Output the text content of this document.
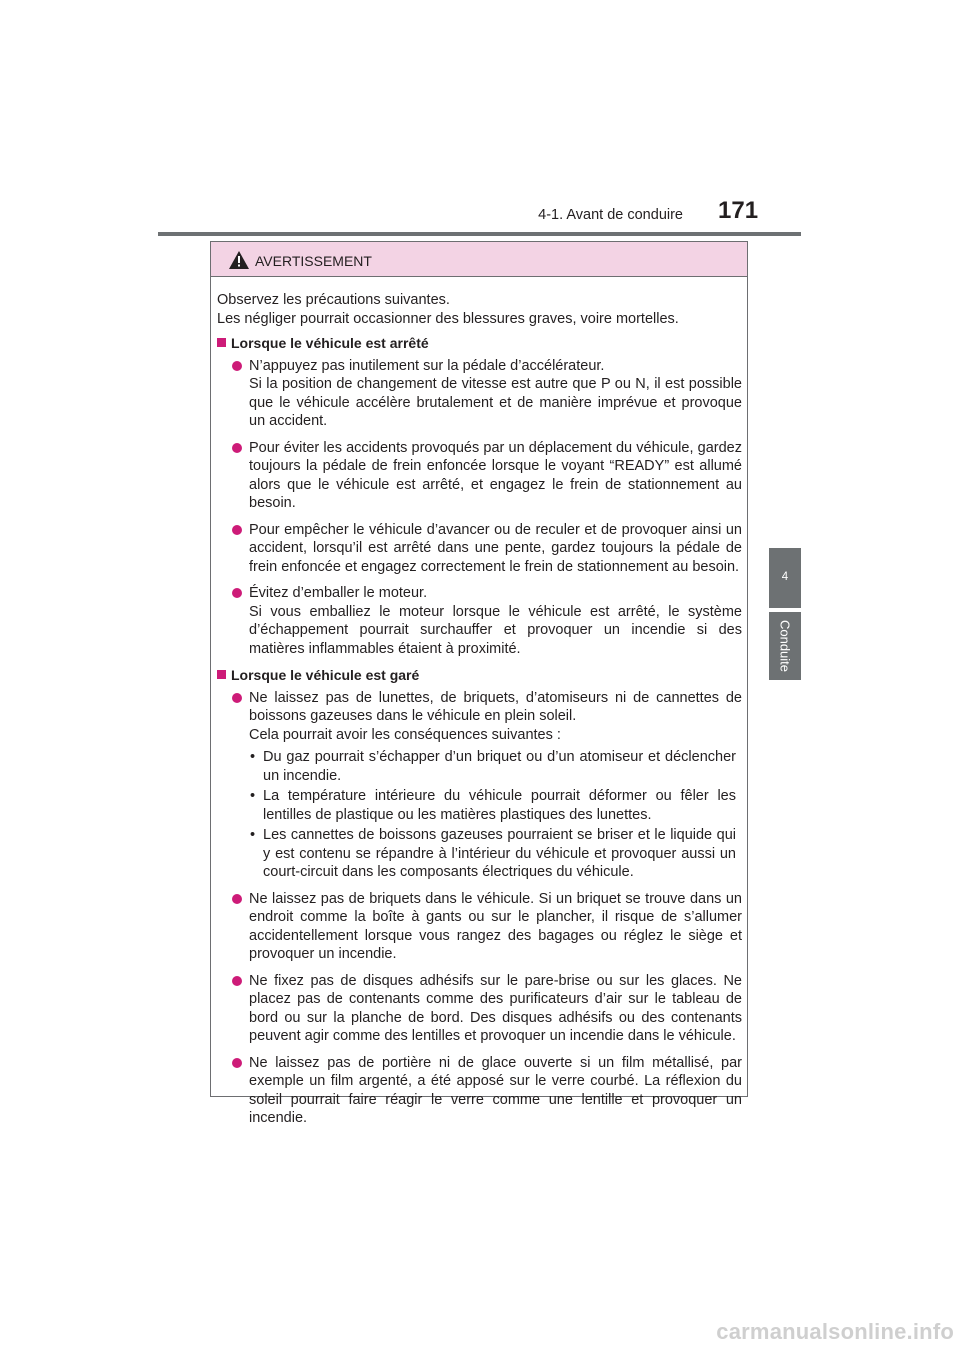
4-1. Avant de conduire 171
4
Conduite
AVERTISSEMENT

Observez les précautions suivantes.
Les négliger pourrait occasionner des blessures graves, voire mortelles.

Lorsque le véhicule est arrêté

N’appuyez pas inutilement sur la pédale d’accélérateur.

Si la position de changement de vitesse est autre que P ou N, il est possible que le véhicule accélère brutalement et de manière imprévue et provoque un accident.

Pour éviter les accidents provoqués par un déplacement du véhicule, gardez toujours la pédale de frein enfoncée lorsque le voyant “READY” est allumé alors que le véhicule est arrêté, et engagez le frein de stationnement au besoin.

Pour empêcher le véhicule d’avancer ou de reculer et de provoquer ainsi un accident, lorsqu’il est arrêté dans une pente, gardez toujours la pédale de frein enfoncée et engagez correctement le frein de stationnement au besoin.

Évitez d’emballer le moteur.

Si vous emballiez le moteur lorsque le véhicule est arrêté, le système d’échappement pourrait surchauffer et provoquer un incendie si des matières inflammables étaient à proximité.

Lorsque le véhicule est garé

Ne laissez pas de lunettes, de briquets, d’atomiseurs ni de cannettes de boissons gazeuses dans le véhicule en plein soleil.

Cela pourrait avoir les conséquences suivantes :

• Du gaz pourrait s’échapper d’un briquet ou d’un atomiseur et déclencher un incendie.
• La température intérieure du véhicule pourrait déformer ou fêler les lentilles de plastique ou les matières plastiques des lunettes.
• Les cannettes de boissons gazeuses pourraient se briser et le liquide qui y est contenu se répandre à l’intérieur du véhicule et provoquer aussi un court-circuit dans les composants électriques du véhicule.

Ne laissez pas de briquets dans le véhicule. Si un briquet se trouve dans un endroit comme la boîte à gants ou sur le plancher, il risque de s’allumer accidentellement lorsque vous rangez des bagages ou réglez le siège et provoquer un incendie.

Ne fixez pas de disques adhésifs sur le pare-brise ou sur les glaces. Ne placez pas de contenants comme des purificateurs d’air sur le tableau de bord ou sur la planche de bord. Des disques adhésifs ou des contenants peuvent agir comme des lentilles et provoquer un incendie dans le véhicule.

Ne laissez pas de portière ni de glace ouverte si un film métallisé, par exemple un film argenté, a été apposé sur le verre courbé. La réflexion du soleil pourrait faire réagir le verre comme une lentille et provoquer un incendie.

carmanualsonline.info
